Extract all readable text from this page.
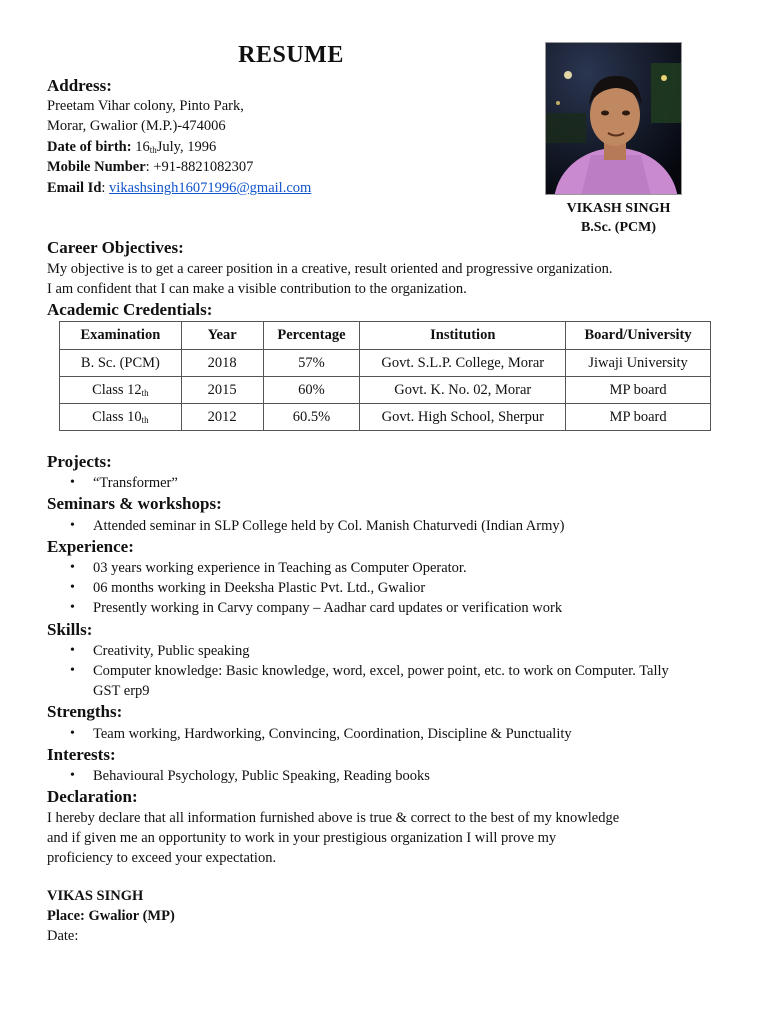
RESUME
VIKASH SINGH
B.Sc. (PCM)
Address:
Preetam Vihar colony, Pinto Park,
Morar, Gwalior (M.P.)-474006
Date of birth: $16_{th}July$, 1996
Mobile Number: +91-8821082307
Email Id: vikashsingh16071996@gmail.com
Career Objectives:
My objective is to get a career position in a creative, result oriented and progressive organization.
I am confident that I can make a visible contribution to the organization.
Academic Credentials:
Examination	Year	Percentage	Institution	Board/University
B. Sc. (PCM)	2018	57%	Govt. S.L.P. College, Morar	Jiwaji University
Class $12_{th}$	2015	60%	Govt. K. No. 02, Morar	MP board
Class $10_{th}$	2012	60.5%	Govt. High School, Sherpur	MP board
Projects:
• “Transformer”
Seminars & workshops:
• Attended seminar in SLP College held by Col. Manish Chaturvedi (Indian Army)
Experience:
• 03 years working experience in Teaching as Computer Operator.
• 06 months working in Deeksha Plastic Pvt. Ltd., Gwalior
• Presently working in Carvy company – Aadhar card updates or verification work
Skills:
• Creativity, Public speaking
• Computer knowledge: Basic knowledge, word, excel, power point, etc. to work on Computer. Tally GST erp9
Strengths:
• Team working, Hardworking, Convincing, Coordination, Discipline & Punctuality
Interests:
• Behavioural Psychology, Public Speaking, Reading books
Declaration:
I hereby declare that all information furnished above is true & correct to the best of my knowledge
and if given me an opportunity to work in your prestigious organization I will prove my
proficiency to exceed your expectation.
VIKAS SINGH
Place: Gwalior (MP)
Date:
